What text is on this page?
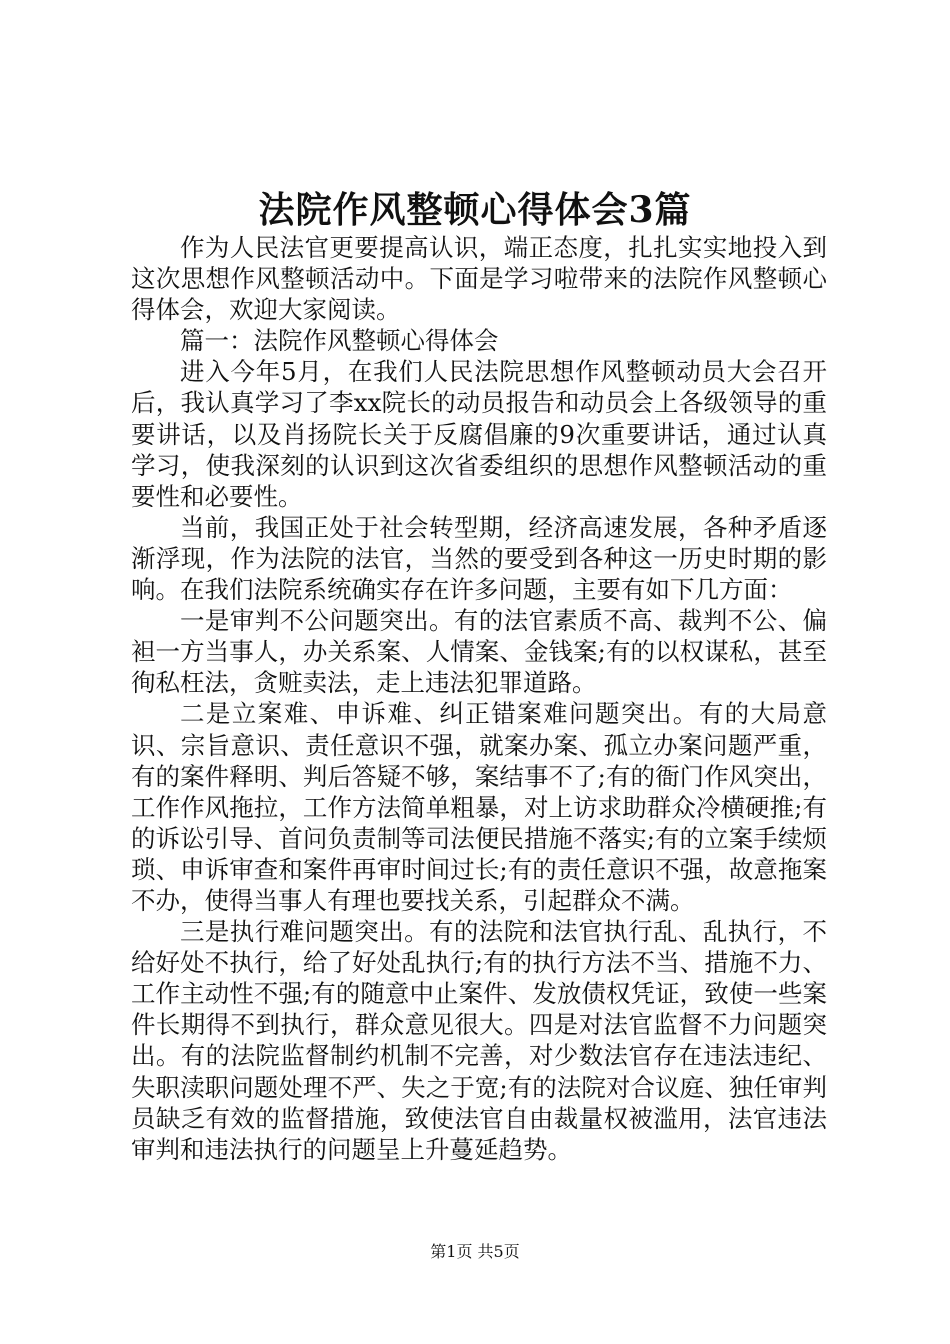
法院作风整顿心得体会3篇

作为人民法官更要提高认识，端正态度，扎扎实实地投入到这次思想作风整顿活动中。下面是学习啦带来的法院作风整顿心得体会，欢迎大家阅读。

篇一：法院作风整顿心得体会

进入今年5月，在我们人民法院思想作风整顿动员大会召开后，我认真学习了李xx院长的动员报告和动员会上各级领导的重要讲话，以及肖扬院长关于反腐倡廉的9次重要讲话，通过认真学习，使我深刻的认识到这次省委组织的思想作风整顿活动的重要性和必要性。

当前，我国正处于社会转型期，经济高速发展，各种矛盾逐渐浮现，作为法院的法官，当然的要受到各种这一历史时期的影响。在我们法院系统确实存在许多问题，主要有如下几方面：

一是审判不公问题突出。有的法官素质不高、裁判不公、偏袒一方当事人，办关系案、人情案、金钱案;有的以权谋私，甚至徇私枉法，贪赃卖法，走上违法犯罪道路。

二是立案难、申诉难、纠正错案难问题突出。有的大局意识、宗旨意识、责任意识不强，就案办案、孤立办案问题严重，有的案件释明、判后答疑不够，案结事不了;有的衙门作风突出，工作作风拖拉，工作方法简单粗暴，对上访求助群众冷横硬推;有的诉讼引导、首问负责制等司法便民措施不落实;有的立案手续烦琐、申诉审查和案件再审时间过长;有的责任意识不强，故意拖案不办，使得当事人有理也要找关系，引起群众不满。

三是执行难问题突出。有的法院和法官执行乱、乱执行，不给好处不执行，给了好处乱执行;有的执行方法不当、措施不力、工作主动性不强;有的随意中止案件、发放债权凭证，致使一些案件长期得不到执行，群众意见很大。四是对法官监督不力问题突出。有的法院监督制约机制不完善，对少数法官存在违法违纪、失职渎职问题处理不严、失之于宽;有的法院对合议庭、独任审判员缺乏有效的监督措施，致使法官自由裁量权被滥用，法官违法审判和违法执行的问题呈上升蔓延趋势。

第1页 共5页
